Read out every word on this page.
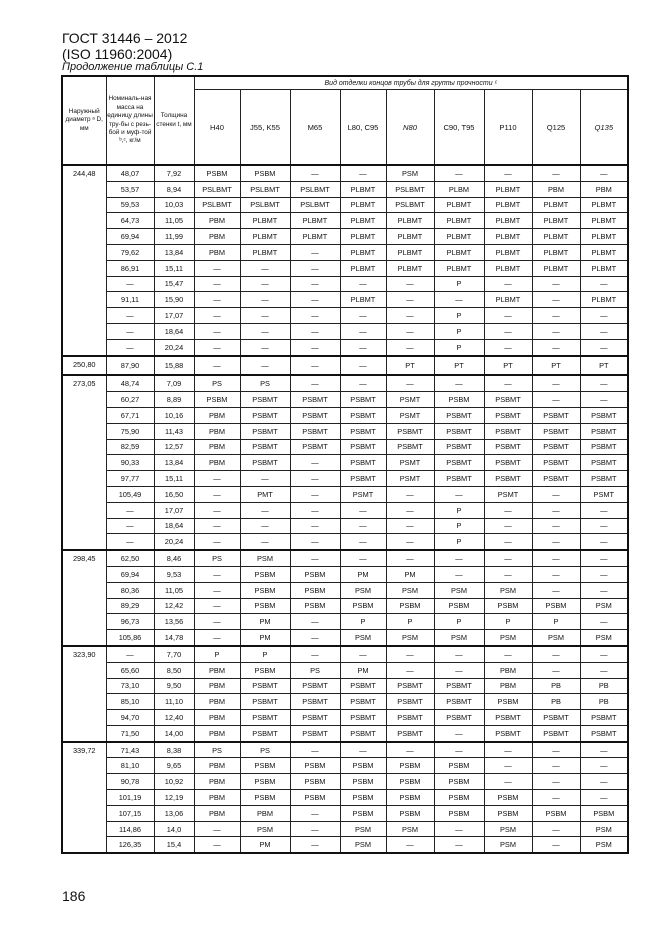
ГОСТ 31446 – 2012
(ISO 11960:2004)
Продолжение таблицы С.1
Наружный диаметр ᵃ D, мм	Номиналь-ная масса на единицу длины тру-бы с резь-бой и муф-той ᵇ,ᶜ, кг/м	Толщина стенки t, мм	Вид отделки концов трубы для группы прочности ᶜ								
			H40	J55, K55	M65	L80, C95	N80	C90, T95	P110	Q125	Q135
244,48	48,07	7,92	PSBM	PSBM	—	—	PSM	—	—	—	—
	53,57	8,94	PSLBMT	PSLBMT	PSLBMT	PLBMT	PSLBMT	PLBM	PLBMT	PBM	PBM
	59,53	10,03	PSLBMT	PSLBMT	PSLBMT	PLBMT	PSLBMT	PLBMT	PLBMT	PLBMT	PLBMT
	64,73	11,05	PBM	PLBMT	PLBMT	PLBMT	PLBMT	PLBMT	PLBMT	PLBMT	PLBMT
	69,94	11,99	PBM	PLBMT	PLBMT	PLBMT	PLBMT	PLBMT	PLBMT	PLBMT	PLBMT
	79,62	13,84	PBM	PLBMT	—	PLBMT	PLBMT	PLBMT	PLBMT	PLBMT	PLBMT
	86,91	15,11	—	—	—	PLBMT	PLBMT	PLBMT	PLBMT	PLBMT	PLBMT
	—	15,47	—	—	—	—	—	P	—	—	—
	91,11	15,90	—	—	—	PLBMT	—	—	PLBMT	—	PLBMT
	—	17,07	—	—	—	—	—	P	—	—	—
	—	18,64	—	—	—	—	—	P	—	—	—
	—	20,24	—	—	—	—	—	P	—	—	—
250,80	87,90	15,88	—	—	—	—	PT	PT	PT	PT	PT
273,05	48,74	7,09	PS	PS	—	—	—	—	—	—	—
	60,27	8,89	PSBM	PSBMT	PSBMT	PSBMT	PSMT	PSBM	PSBMT	—	—
	67,71	10,16	PBM	PSBMT	PSBMT	PSBMT	PSMT	PSBMT	PSBMT	PSBMT	PSBMT
	75,90	11,43	PBM	PSBMT	PSBMT	PSBMT	PSBMT	PSBMT	PSBMT	PSBMT	PSBMT
	82,59	12,57	PBM	PSBMT	PSBMT	PSBMT	PSBMT	PSBMT	PSBMT	PSBMT	PSBMT
	90,33	13,84	PBM	PSBMT	—	PSBMT	PSMT	PSBMT	PSBMT	PSBMT	PSBMT
	97,77	15,11	—	—	—	PSBMT	PSMT	PSBMT	PSBMT	PSBMT	PSBMT
	105,49	16,50	—	PMT	—	PSMT	—	—	PSMT	—	PSMT
	—	17,07	—	—	—	—	—	P	—	—	—
	—	18,64	—	—	—	—	—	P	—	—	—
	—	20,24	—	—	—	—	—	P	—	—	—
298,45	62,50	8,46	PS	PSM	—	—	—	—	—	—	—
	69,94	9,53	—	PSBM	PSBM	PM	PM	—	—	—	—
	80,36	11,05	—	PSBM	PSBM	PSM	PSM	PSM	PSM	—	—
	89,29	12,42	—	PSBM	PSBM	PSBM	PSBM	PSBM	PSBM	PSBM	PSM
	96,73	13,56	—	PM	—	P	P	P	P	P	—
	105,86	14,78	—	PM	—	PSM	PSM	PSM	PSM	PSM	PSM
323,90	—	7,70	P	P	—	—	—	—	—	—	—
	65,60	8,50	PBM	PSBM	PS	PM	—	—	PBM	—	—
	73,10	9,50	PBM	PSBMT	PSBMT	PSBMT	PSBMT	PSBMT	PBM	PB	PB
	85,10	11,10	PBM	PSBMT	PSBMT	PSBMT	PSBMT	PSBMT	PSBM	PB	PB
	94,70	12,40	PBM	PSBMT	PSBMT	PSBMT	PSBMT	PSBMT	PSBMT	PSBMT	PSBMT
	71,50	14,00	PBM	PSBMT	PSBMT	PSBMT	PSBMT	—	PSBMT	PSBMT	PSBMT
339,72	71,43	8,38	PS	PS	—	—	—	—	—	—	—
	81,10	9,65	PBM	PSBM	PSBM	PSBM	PSBM	PSBM	—	—	—
	90,78	10,92	PBM	PSBM	PSBM	PSBM	PSBM	PSBM	—	—	—
	101,19	12,19	PBM	PSBM	PSBM	PSBM	PSBM	PSBM	PSBM	—	—
	107,15	13,06	PBM	PBM	—	PSBM	PSBM	PSBM	PSBM	PSBM	PSBM
	114,86	14,0	—	PSM	—	PSM	PSM	—	PSM	—	PSM
	126,35	15,4	—	PM	—	PSM	—	—	PSM	—	PSM
186
